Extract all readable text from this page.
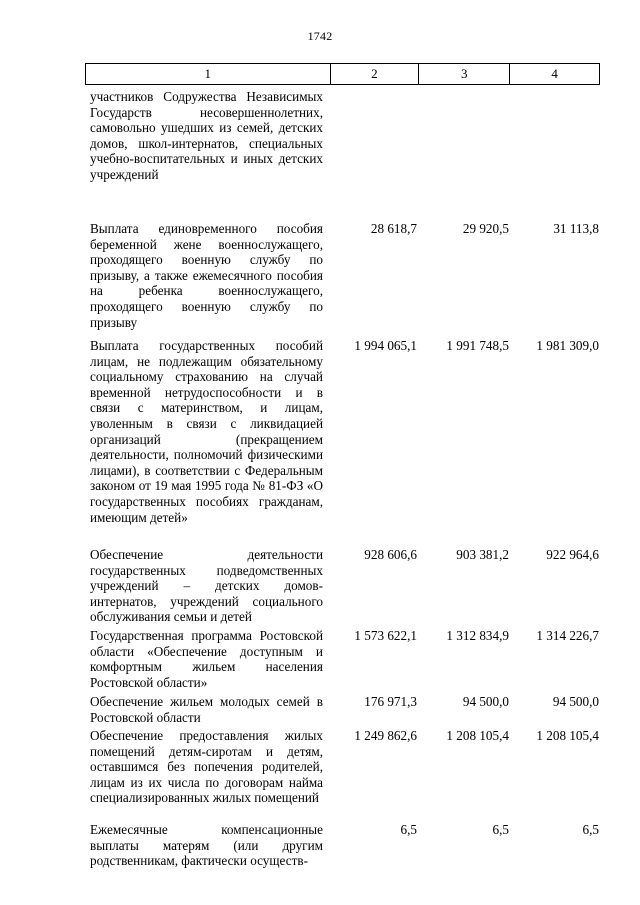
1742
1	2	3	4
участников Содружества Независимых Государств несовершеннолетних, самовольно ушедших из семей, детских домов, школ-интернатов, специальных учебно-воспитательных и иных детских учреждений
Выплата единовременного пособия беременной жене военнослужащего, проходящего военную службу по призыву, а также ежемесячного пособия на ребенка военнослужащего, проходящего военную службу по призыву
28 618,7	29 920,5	31 113,8
Выплата государственных пособий лицам, не подлежащим обязательному социальному страхованию на случай временной нетрудоспособности и в связи с материнством, и лицам, уволенным в связи с ликвидацией организаций (прекращением деятельности, полномочий физическими лицами), в соответствии с Федеральным законом от 19 мая 1995 года № 81-ФЗ «О государственных пособиях гражданам, имеющим детей»
1 994 065,1	1 991 748,5	1 981 309,0
Обеспечение деятельности государственных подведомственных учреждений – детских домов-интернатов, учреждений социального обслуживания семьи и детей
928 606,6	903 381,2	922 964,6
Государственная программа Ростовской области «Обеспечение доступным и комфортным жильем населения Ростовской области»
1 573 622,1	1 312 834,9	1 314 226,7
Обеспечение жильем молодых семей в Ростовской области
176 971,3	94 500,0	94 500,0
Обеспечение предоставления жилых помещений детям-сиротам и детям, оставшимся без попечения родителей, лицам из их числа по договорам найма специализированных жилых помещений
1 249 862,6	1 208 105,4	1 208 105,4
Ежемесячные компенсационные выплаты матерям (или другим родственникам, фактически осуществ-
6,5	6,5	6,5
